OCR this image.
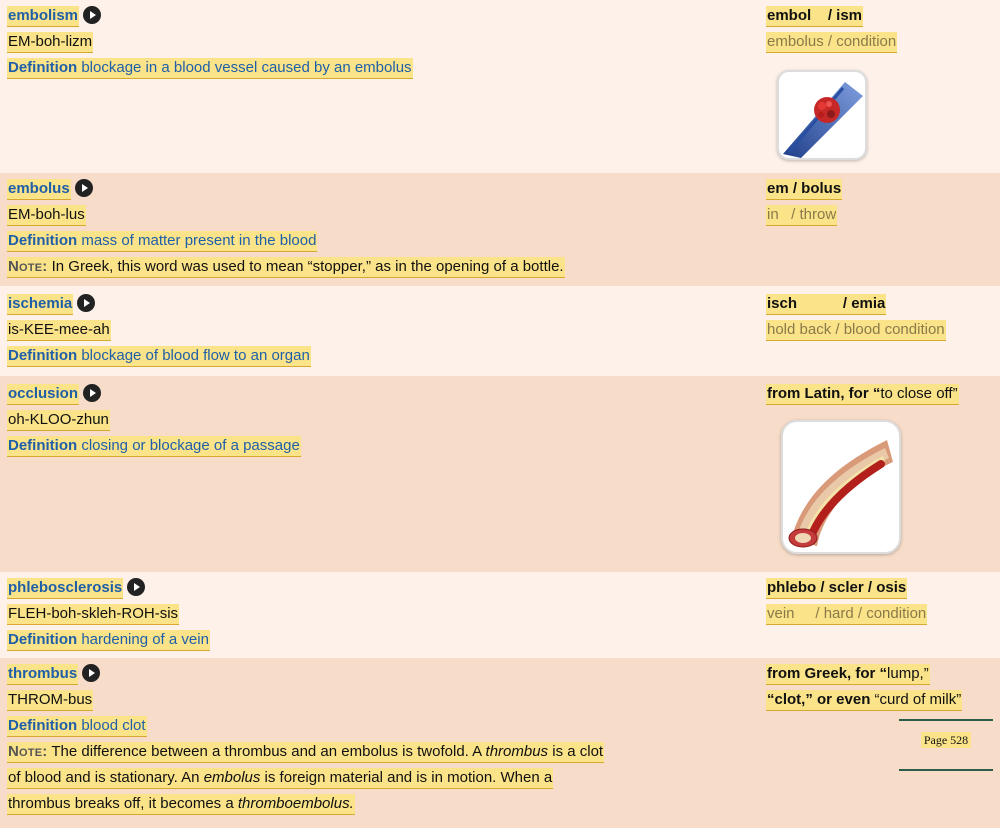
embolism
EM-boh-lizm
Definition blockage in a blood vessel caused by an embolus
embol    / ism
embolus / condition
embolus
EM-boh-lus
Definition mass of matter present in the blood
Note: In Greek, this word was used to mean “stopper,” as in the opening of a bottle.
em / bolus
in   / throw
ischemia
is-KEE-mee-ah
Definition blockage of blood flow to an organ
isch           / emia
hold back / blood condition
occlusion
oh-KLOO-zhun
Definition closing or blockage of a passage
from Latin, for “to close off”
phlebosclerosis
FLEH-boh-skleh-ROH-sis
Definition hardening of a vein
phlebo / scler / osis
vein     / hard / condition
thrombus
THROM-bus
Definition blood clot
Note: The difference between a thrombus and an embolus is twofold. A thrombus is a clot
of blood and is stationary. An embolus is foreign material and is in motion. When a
thrombus breaks off, it becomes a thromboembolus.
from Greek, for “lump,”
“clot,” or even “curd of milk”
Page 528
